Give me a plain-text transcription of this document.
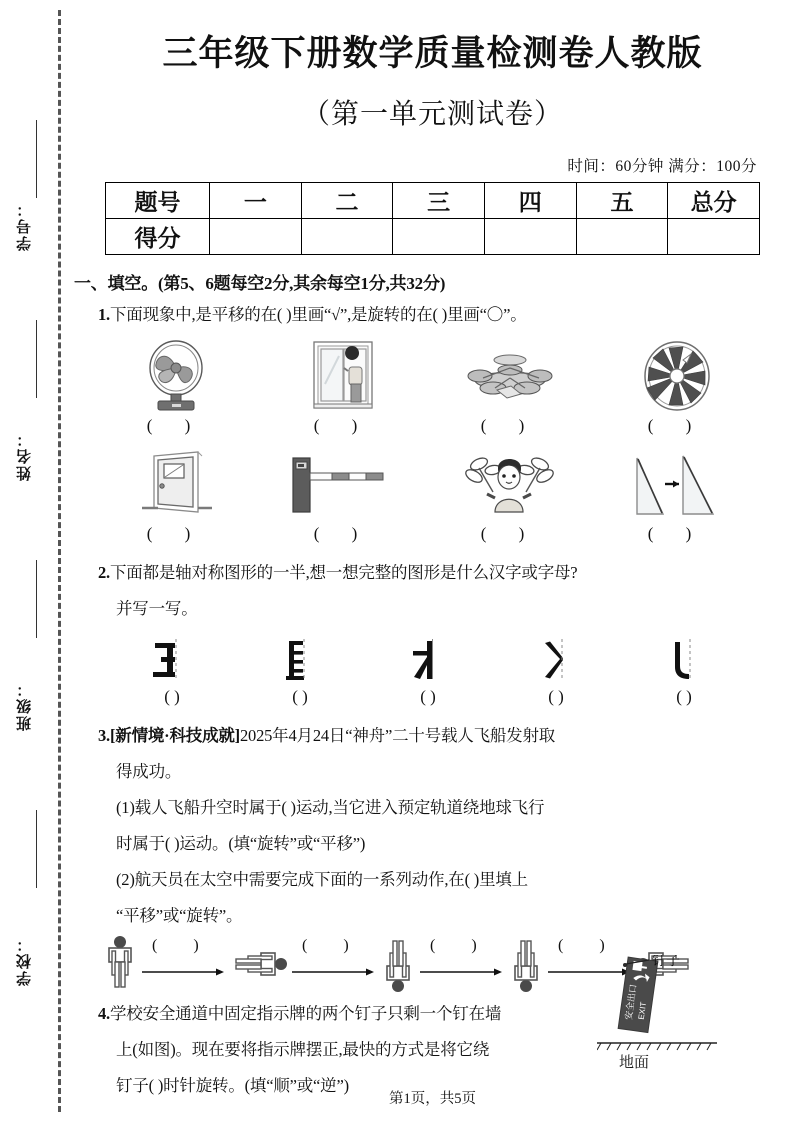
学号：
姓名：
班级：
学校：
三年级下册数学质量检测卷人教版
（第一单元测试卷）
时间：60分钟 满分：100分
题号	一	二	三	四	五	总分
得分						
一、填空。(第5、6题每空2分,其余每空1分,共32分)
1.下面现象中,是平移的在( )里画“√”,是旋转的在( )里画“〇”。
( )	( )	( )	( )
( )	( )	( )	( )
2.下面都是轴对称图形的一半,想一想完整的图形是什么汉字或字母?
并写一写。
( )	( )	( )	( )	( )
3.[新情境·科技成就]2025年4月24日“神舟”二十号载人飞船发射取
得成功。
(1)载人飞船升空时属于( )运动,当它进入预定轨道绕地球飞行
时属于( )运动。(填“旋转”或“平移”)
(2)航天员在太空中需要完成下面的一系列动作,在( )里填上
“平移”或“旋转”。
( )	( )	( )	( )
4.学校安全通道中固定指示牌的两个钉子只剩一个钉在墙
上(如图)。现在要将指示牌摆正,最快的方式是将它绕
钉子( )时针旋转。(填“顺”或“逆”)
安全出口
EXIT
钉子
地面
第1页，共5页
